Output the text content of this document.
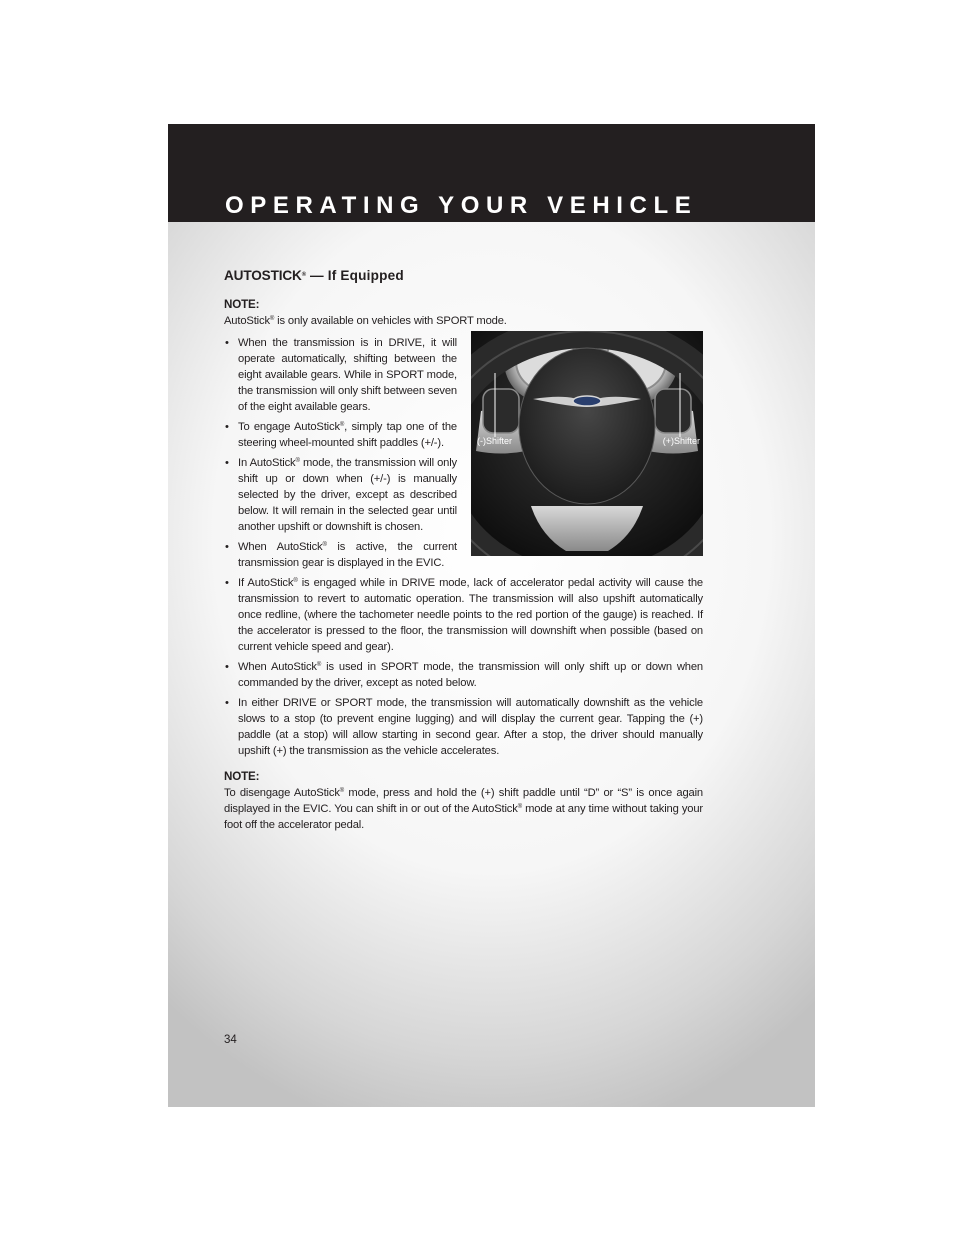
OPERATING YOUR VEHICLE
(-)Shifter	(+)Shifter
AUTOSTICK® — If Equipped

NOTE:

AutoStick® is only available on vehicles with SPORT mode.

• When the transmission is in DRIVE, it will operate automatically, shifting between the eight available gears. While in SPORT mode, the transmission will only shift between seven of the eight available gears.
• To engage AutoStick®, simply tap one of the steering wheel-mounted shift paddles (+/-).
• In AutoStick® mode, the transmission will only shift up or down when (+/-) is manually selected by the driver, except as described below. It will remain in the selected gear until another upshift or downshift is chosen.
• When AutoStick® is active, the current transmission gear is displayed in the EVIC.
• If AutoStick® is engaged while in DRIVE mode, lack of accelerator pedal activity will cause the transmission to revert to automatic operation. The transmission will also upshift automatically once redline, (where the tachometer needle points to the red portion of the gauge) is reached. If the accelerator is pressed to the floor, the transmission will downshift when possible (based on current vehicle speed and gear).
• When AutoStick® is used in SPORT mode, the transmission will only shift up or down when commanded by the driver, except as noted below.
• In either DRIVE or SPORT mode, the transmission will automatically downshift as the vehicle slows to a stop (to prevent engine lugging) and will display the current gear. Tapping the (+) paddle (at a stop) will allow starting in second gear. After a stop, the driver should manually upshift (+) the transmission as the vehicle accelerates.

NOTE:

To disengage AutoStick® mode, press and hold the (+) shift paddle until “D” or “S” is once again displayed in the EVIC. You can shift in or out of the AutoStick® mode at any time without taking your foot off the accelerator pedal.

34
